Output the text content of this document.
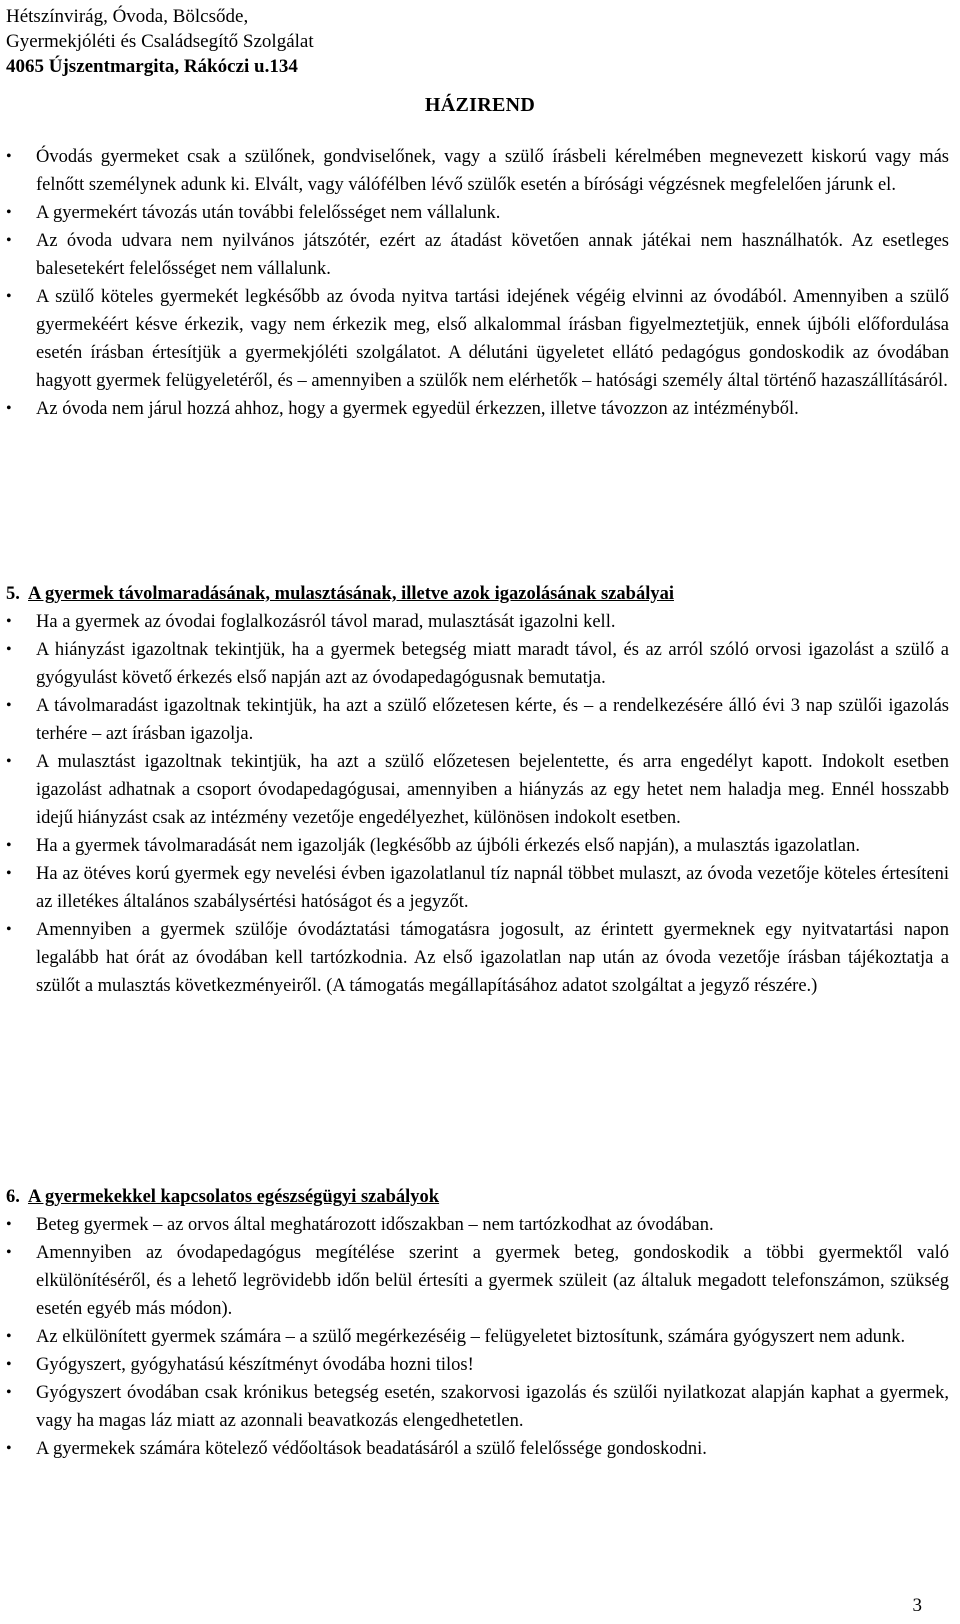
Hétszínvirág, Óvoda, Bölcsőde,
Gyermekjóléti és Családsegítő Szolgálat
4065 Újszentmargita, Rákóczi u.134
HÁZIREND
•	Óvodás gyermeket csak a szülőnek, gondviselőnek, vagy a szülő írásbeli kérelmében megnevezett kiskorú vagy más felnőtt személynek adunk ki. Elvált, vagy válófélben lévő szülők esetén a bírósági végzésnek megfelelően járunk el.
•	A gyermekért távozás után további felelősséget nem vállalunk.
•	Az óvoda udvara nem nyilvános játszótér, ezért az átadást követően annak játékai nem használhatók. Az esetleges balesetekért felelősséget nem vállalunk.
•	A szülő köteles gyermekét legkésőbb az óvoda nyitva tartási idejének végéig elvinni az óvodából. Amennyiben a szülő gyermekéért késve érkezik, vagy nem érkezik meg, első alkalommal írásban figyelmeztetjük, ennek újbóli előfordulása esetén írásban értesítjük a gyermekjóléti szolgálatot. A délutáni ügyeletet ellátó pedagógus gondoskodik az óvodában hagyott gyermek felügyeletéről, és – amennyiben a szülők nem elérhetők – hatósági személy által történő hazaszállításáról.
•	Az óvoda nem járul hozzá ahhoz, hogy a gyermek egyedül érkezzen, illetve távozzon az intézményből.
5. A gyermek távolmaradásának, mulasztásának, illetve azok igazolásának szabályai
•	Ha a gyermek az óvodai foglalkozásról távol marad, mulasztását igazolni kell.
•	A hiányzást igazoltnak tekintjük, ha a gyermek betegség miatt maradt távol, és az arról szóló orvosi igazolást a szülő a gyógyulást követő érkezés első napján azt az óvodapedagógusnak bemutatja.
•	A távolmaradást igazoltnak tekintjük, ha azt a szülő előzetesen kérte, és – a rendelkezésére álló évi 3 nap szülői igazolás terhére – azt írásban igazolja.
•	A mulasztást igazoltnak tekintjük, ha azt a szülő előzetesen bejelentette, és arra engedélyt kapott. Indokolt esetben igazolást adhatnak a csoport óvodapedagógusai, amennyiben a hiányzás az egy hetet nem haladja meg. Ennél hosszabb idejű hiányzást csak az intézmény vezetője engedélyezhet, különösen indokolt esetben.
•	Ha a gyermek távolmaradását nem igazolják (legkésőbb az újbóli érkezés első napján), a mulasztás igazolatlan.
•	Ha az ötéves korú gyermek egy nevelési évben igazolatlanul tíz napnál többet mulaszt, az óvoda vezetője köteles értesíteni az illetékes általános szabálysértési hatóságot és a jegyzőt.
•	Amennyiben a gyermek szülője óvodáztatási támogatásra jogosult, az érintett gyermeknek egy nyitvatartási napon legalább hat órát az óvodában kell tartózkodnia. Az első igazolatlan nap után az óvoda vezetője írásban tájékoztatja a szülőt a mulasztás következményeiről. (A támogatás megállapításához adatot szolgáltat a jegyző részére.)
6. A gyermekekkel kapcsolatos egészségügyi szabályok
•	Beteg gyermek – az orvos által meghatározott időszakban – nem tartózkodhat az óvodában.
•	Amennyiben az óvodapedagógus megítélése szerint a gyermek beteg, gondoskodik a többi gyermektől való elkülönítéséről, és a lehető legrövidebb időn belül értesíti a gyermek szüleit (az általuk megadott telefonszámon, szükség esetén egyéb más módon).
•	Az elkülönített gyermek számára – a szülő megérkezéséig – felügyeletet biztosítunk, számára gyógyszert nem adunk.
•	Gyógyszert, gyógyhatású készítményt óvodába hozni tilos!
•	Gyógyszert óvodában csak krónikus betegség esetén, szakorvosi igazolás és szülői nyilatkozat alapján kaphat a gyermek, vagy ha magas láz miatt az azonnali beavatkozás elengedhetetlen.
•	A gyermekek számára kötelező védőoltások beadatásáról a szülő felelőssége gondoskodni.
3
